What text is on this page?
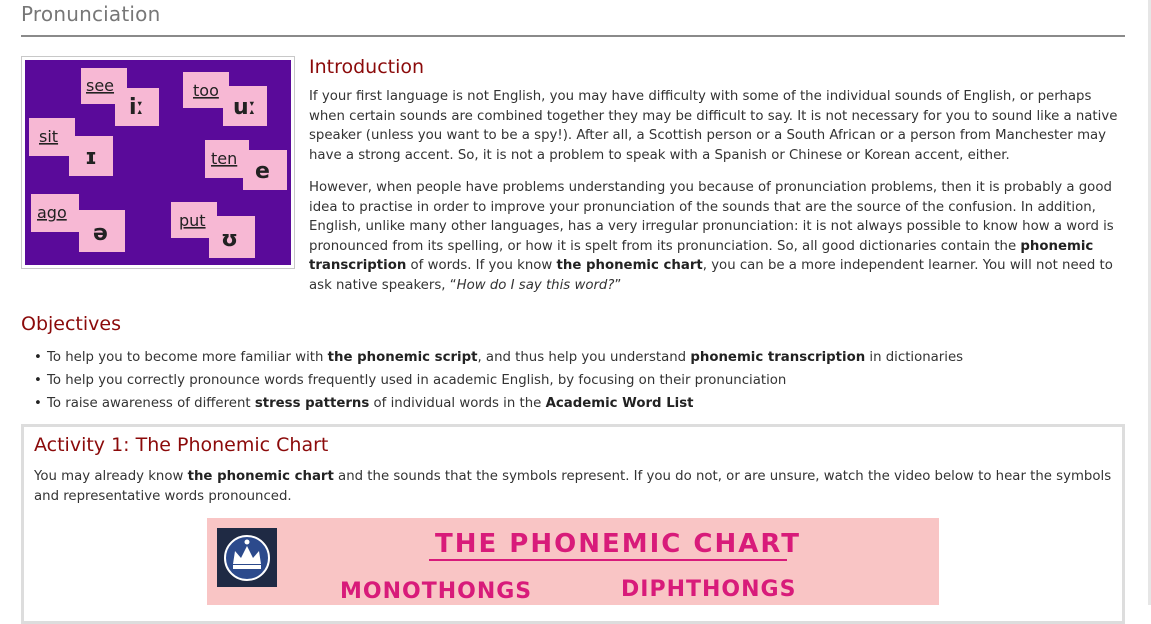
Pronunciation
see
iː
too
uː
sit
ɪ	ten
e
ago
ə
put
ʊ
Introduction

If your first language is not English, you may have difficulty with some of the individual sounds of English, or perhaps when certain sounds are combined together they may be difficult to say. It is not necessary for you to sound like a native speaker (unless you want to be a spy!). After all, a Scottish person or a South African or a person from Manchester may have a strong accent. So, it is not a problem to speak with a Spanish or Chinese or Korean accent, either.

However, when people have problems understanding you because of pronunciation problems, then it is probably a good idea to practise in order to improve your pronunciation of the sounds that are the source of the confusion. In addition, English, unlike many other languages, has a very irregular pronunciation: it is not always possible to know how a word is pronounced from its spelling, or how it is spelt from its pronunciation. So, all good dictionaries contain the phonemic transcription of words. If you know the phonemic chart, you can be a more independent learner. You will not need to ask native speakers, “How do I say this word?”

Objectives
• To help you to become more familiar with the phonemic script, and thus help you understand phonemic transcription in dictionaries
• To help you correctly pronounce words frequently used in academic English, by focusing on their pronunciation
• To raise awareness of different stress patterns of individual words in the Academic Word List
Activity 1: The Phonemic Chart

You may already know the phonemic chart and the sounds that the symbols represent. If you do not, or are unsure, watch the video below to hear the symbols and representative words pronounced.

THE PHONEMIC CHART
MONOTHONGS	DIPHTHONGS
